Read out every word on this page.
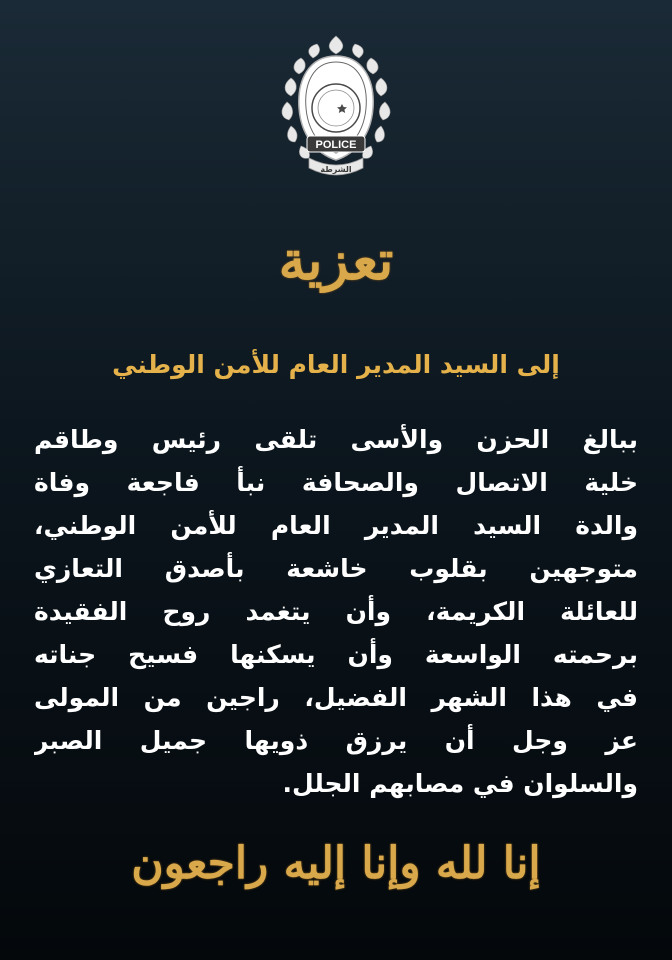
POLICE
الشرطة
تعزية
إلى السيد المدير العام للأمن الوطني
ببالغ الحزن والأسى تلقى رئيس وطاقم
خلية الاتصال والصحافة نبأ فاجعة وفاة
والدة السيد المدير العام للأمن الوطني،
متوجهين بقلوب خاشعة بأصدق التعازي
للعائلة الكريمة، وأن يتغمد روح الفقيدة
برحمته الواسعة وأن يسكنها فسيح جناته
في هذا الشهر الفضيل، راجين من المولى
عز وجل أن يرزق ذويها جميل الصبر
والسلوان في مصابهم الجلل.
إنا لله وإنا إليه راجعون
